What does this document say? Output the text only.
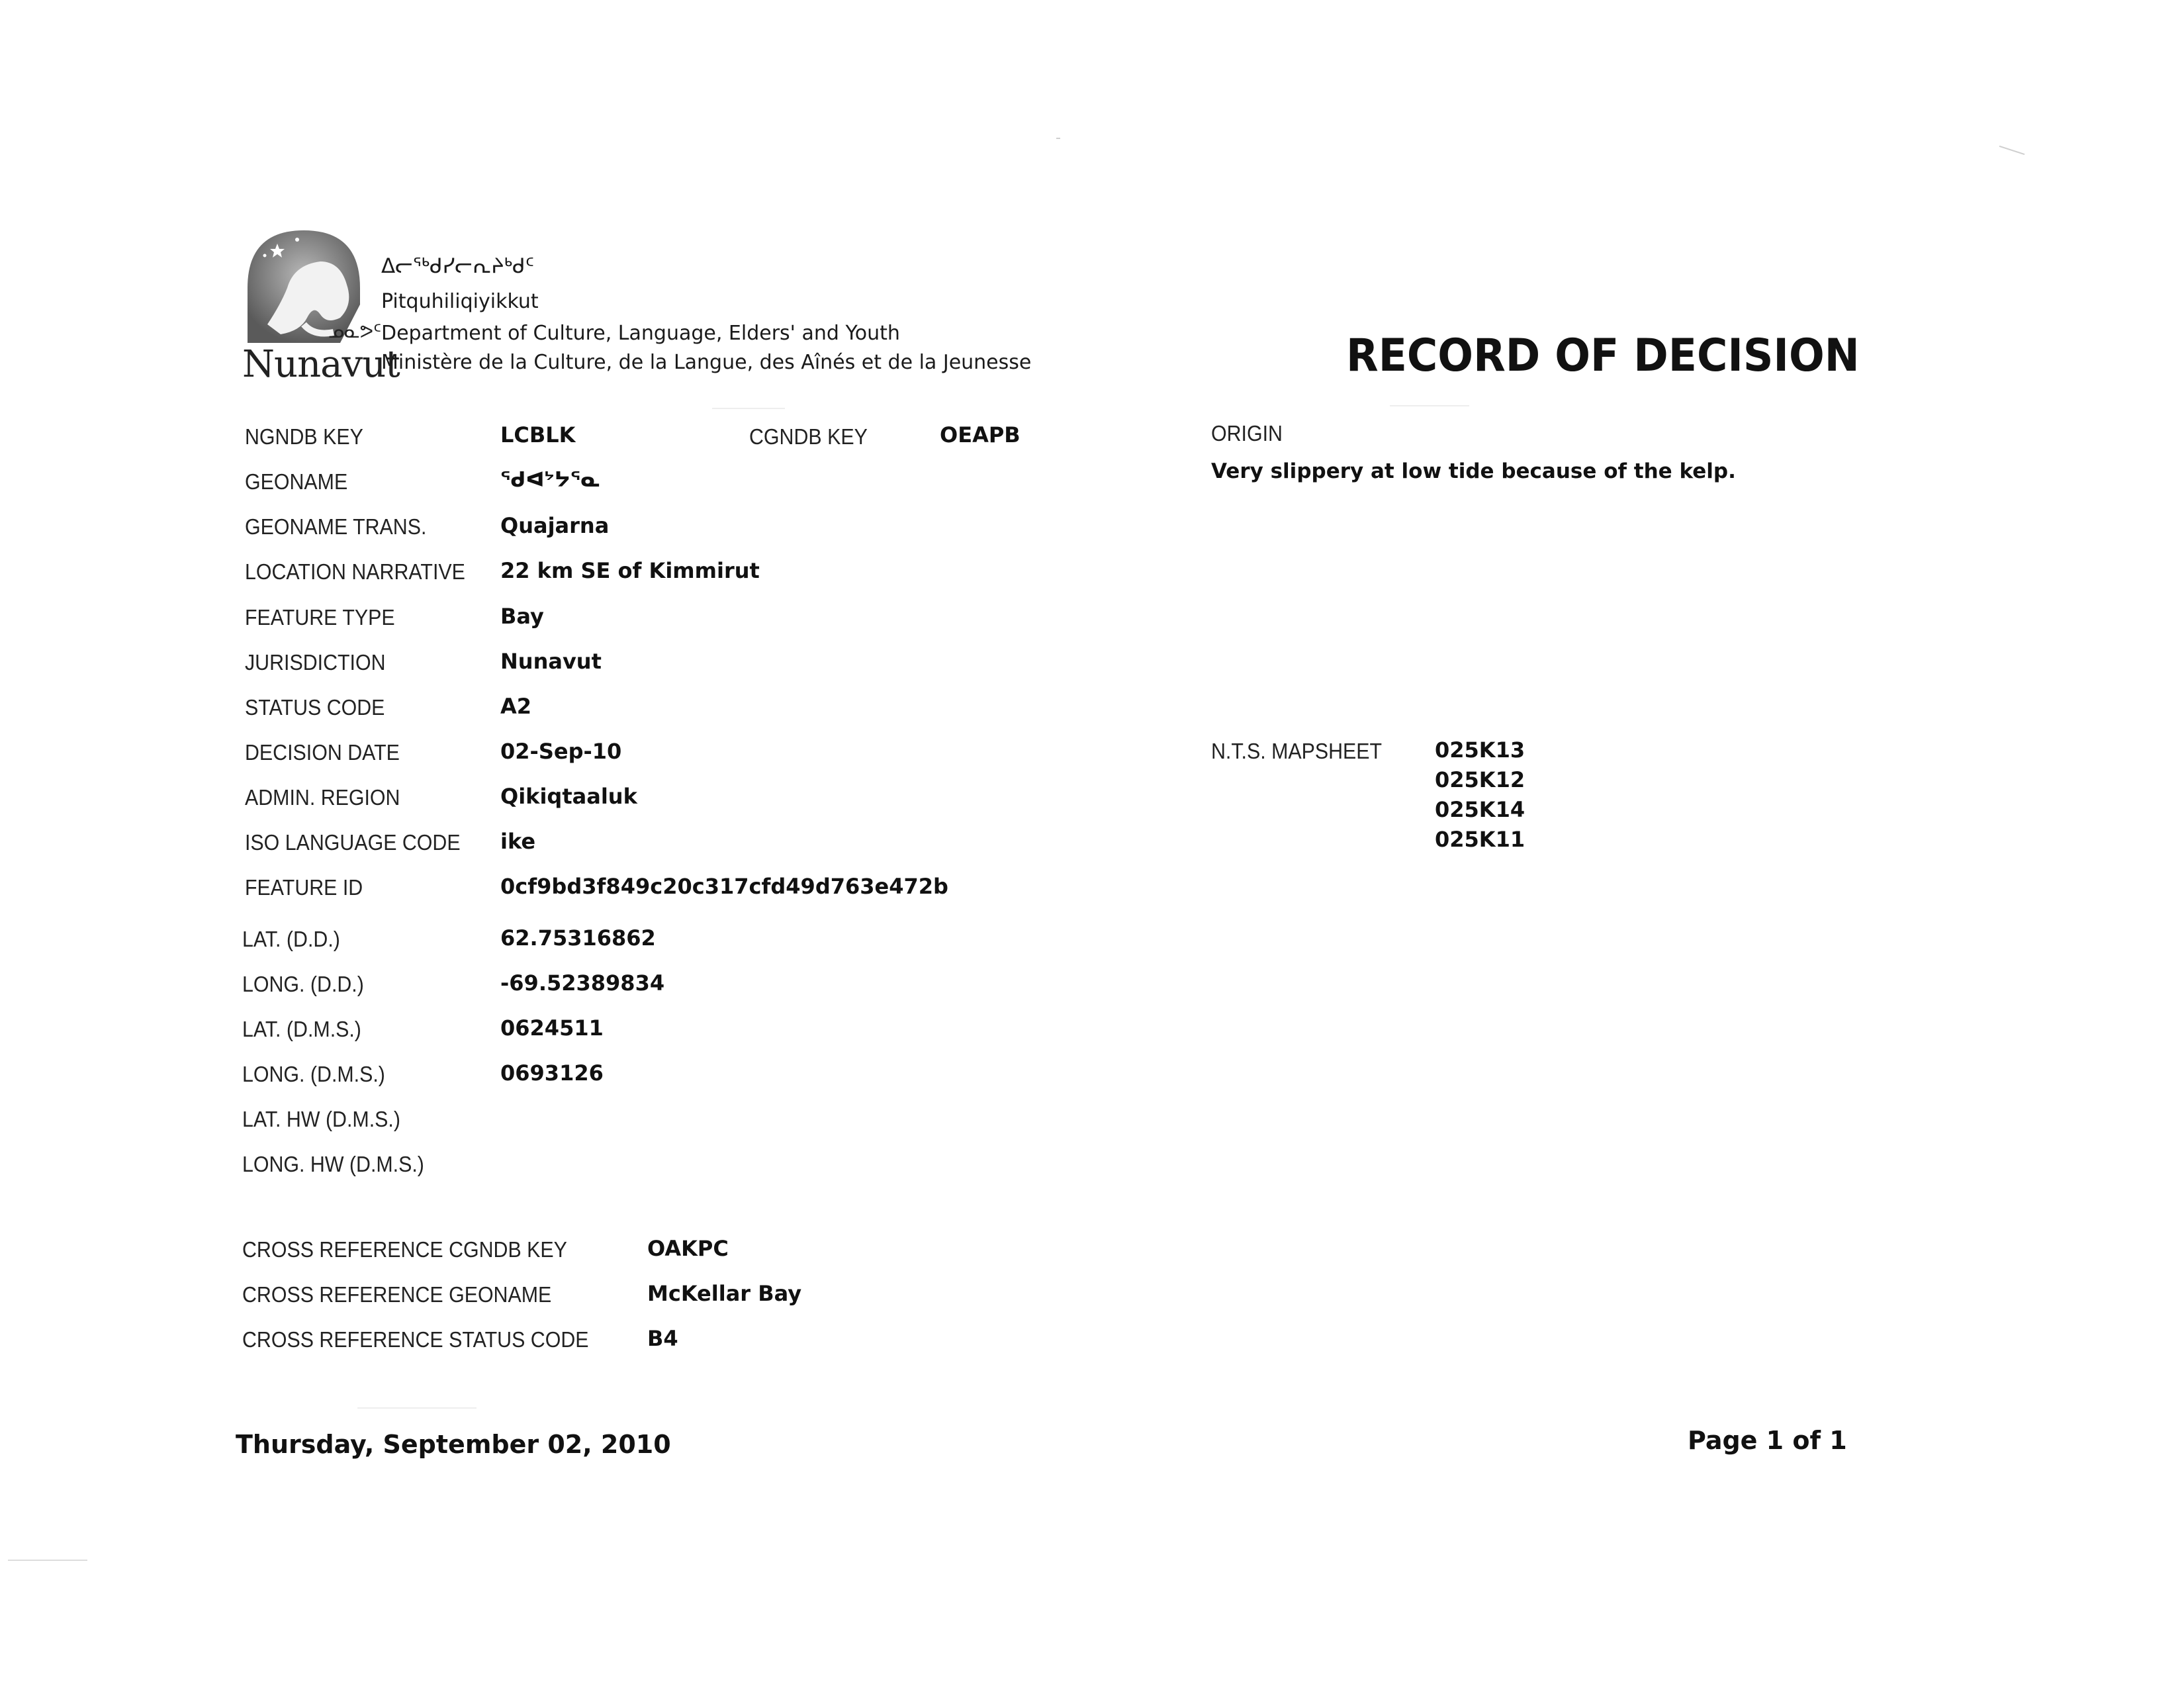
ᓄᓇᕗᑦ
Nunavut
ᐃᓕᖅᑯᓯᓕᕆᔨᒃᑯᑦ
Pitquhiliqiyikkut
Department of Culture, Language, Elders' and Youth
Ministère de la Culture, de la Langue, des Aînés et de la Jeunesse	RECORD OF DECISION
NGNDB KEY	LCBLK	CGNDB KEY	OEAPB
GEONAME	ᖁᐊᔾᔭᕐᓇ
GEONAME TRANS.	Quajarna
LOCATION NARRATIVE 22 km SE of Kimmirut
FEATURE TYPE	Bay
JURISDICTION	Nunavut
STATUS CODE	A2
DECISION DATE	02-Sep-10
ADMIN. REGION	Qikiqtaaluk
ISO LANGUAGE CODE ike
FEATURE ID	0cf9bd3f849c20c317cfd49d763e472b
LAT. (D.D.)	62.75316862
LONG. (D.D.)	-69.52389834
LAT. (D.M.S.)	0624511
LONG. (D.M.S.)	0693126
LAT. HW (D.M.S.)
LONG. HW (D.M.S.)
ORIGIN
Very slippery at low tide because of the kelp.
N.T.S. MAPSHEET 025K13
025K12
025K14
025K11
CROSS REFERENCE CGNDB KEY	OAKPC
CROSS REFERENCE GEONAME	McKellar Bay
CROSS REFERENCE STATUS CODE	B4
Thursday, September 02, 2010	Page 1 of 1
